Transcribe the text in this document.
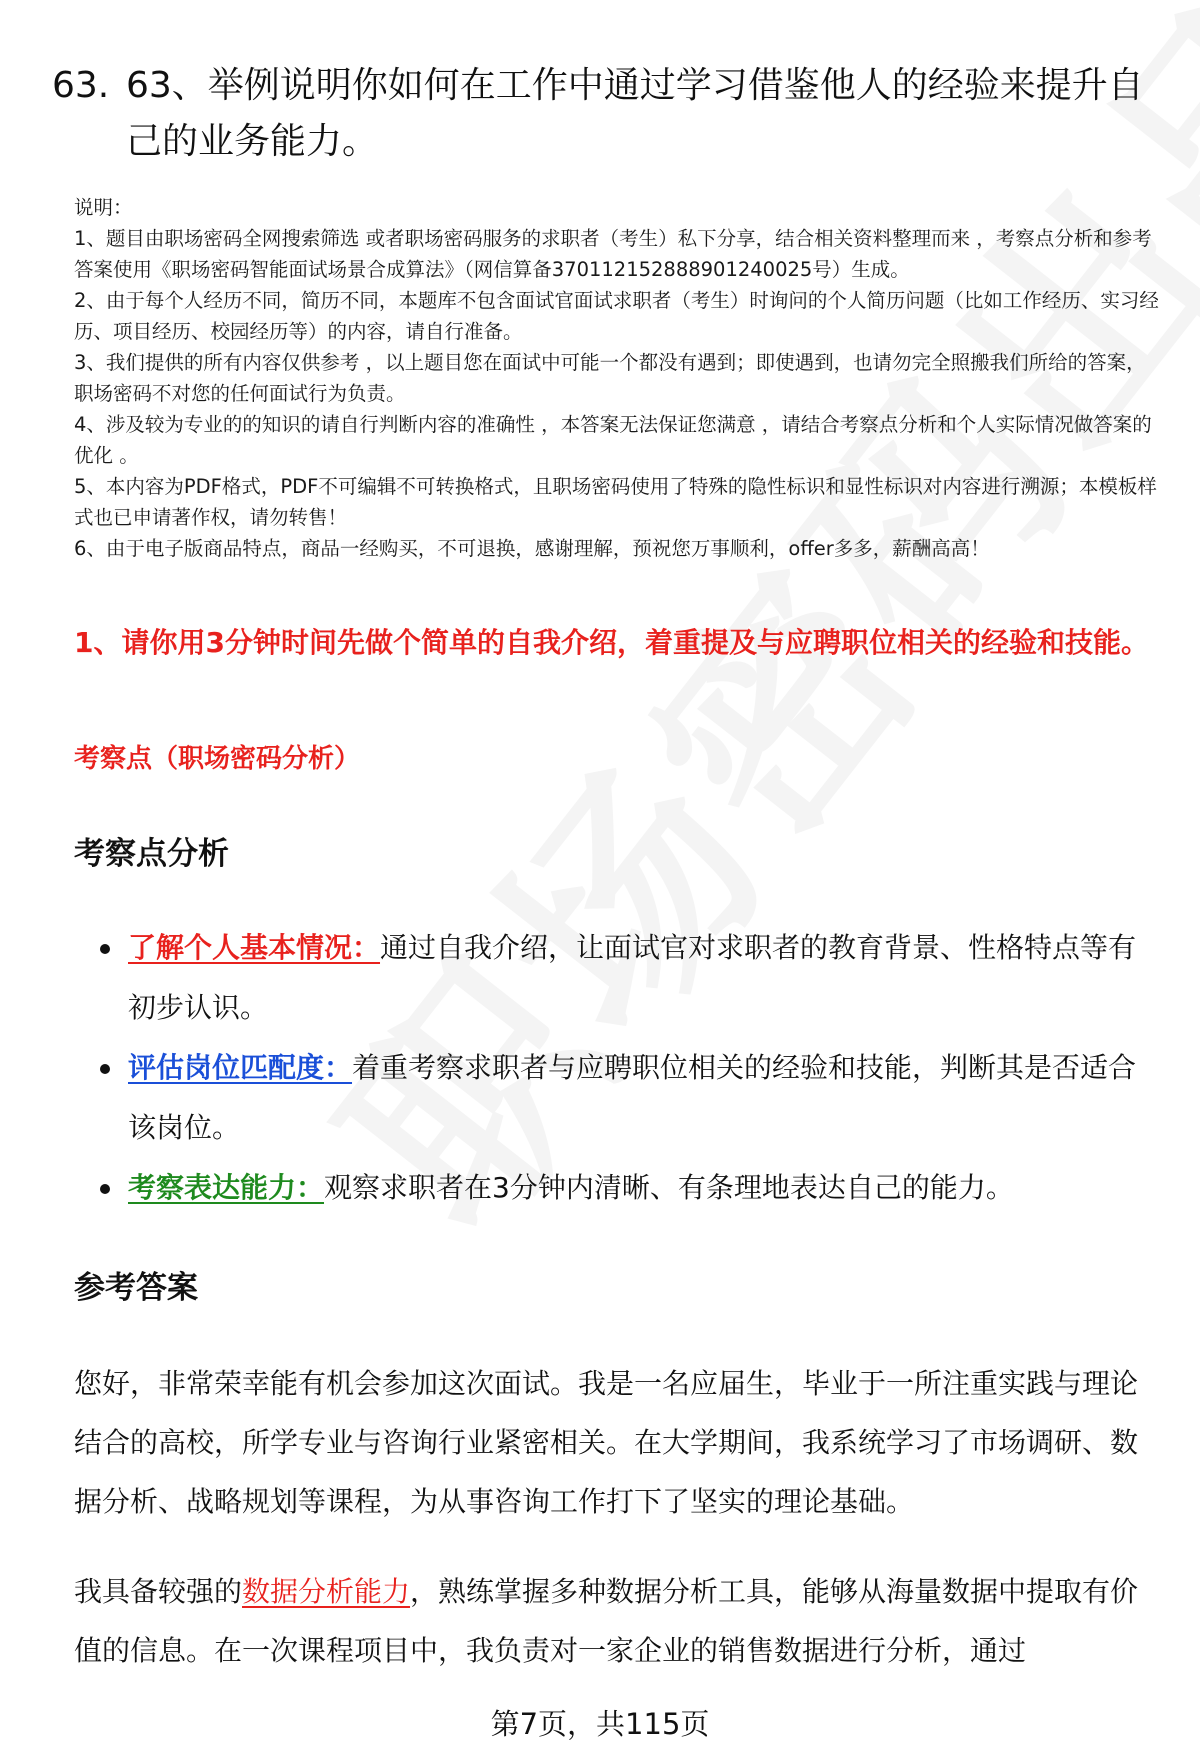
63. 63、举例说明你如何在工作中通过学习借鉴他人的经验来提升自己的业务能力。

说明：

1、题目由职场密码全网搜索筛选 或者职场密码服务的求职者（考生）私下分享，结合相关资料整理而来 ，考察点分析和参考答案使用《职场密码智能面试场景合成算法》（网信算备370112152888901240025号）生成。

2、由于每个人经历不同，简历不同，本题库不包含面试官面试求职者（考生）时询问的个人简历问题（比如工作经历、实习经历、项目经历、校园经历等）的内容，请自行准备。

3、我们提供的所有内容仅供参考 ，以上题目您在面试中可能一个都没有遇到；即使遇到，也请勿完全照搬我们所给的答案，职场密码不对您的任何面试行为负责。

4、涉及较为专业的的知识的请自行判断内容的准确性 ，本答案无法保证您满意 ，请结合考察点分析和个人实际情况做答案的优化 。

5、本内容为PDF格式，PDF不可编辑不可转换格式，且职场密码使用了特殊的隐性标识和显性标识对内容进行溯源；本模板样式也已申请著作权，请勿转售！

6、由于电子版商品特点，商品一经购买，不可退换，感谢理解，预祝您万事顺利，offer多多，薪酬高高！

1、请你用3分钟时间先做个简单的自我介绍，着重提及与应聘职位相关的经验和技能。
考察点（职场密码分析）
考察点分析
了解个人基本情况：通过自我介绍，让面试官对求职者的教育背景、性格特点等有初步认识。
评估岗位匹配度：着重考察求职者与应聘职位相关的经验和技能，判断其是否适合该岗位。
考察表达能力：观察求职者在3分钟内清晰、有条理地表达自己的能力。
参考答案

您好，非常荣幸能有机会参加这次面试。我是一名应届生，毕业于一所注重实践与理论结合的高校，所学专业与咨询行业紧密相关。在大学期间，我系统学习了市场调研、数据分析、战略规划等课程，为从事咨询工作打下了坚实的理论基础。

我具备较强的数据分析能力，熟练掌握多种数据分析工具，能够从海量数据中提取有价值的信息。在一次课程项目中，我负责对一家企业的销售数据进行分析，通过

第7页，共115页
